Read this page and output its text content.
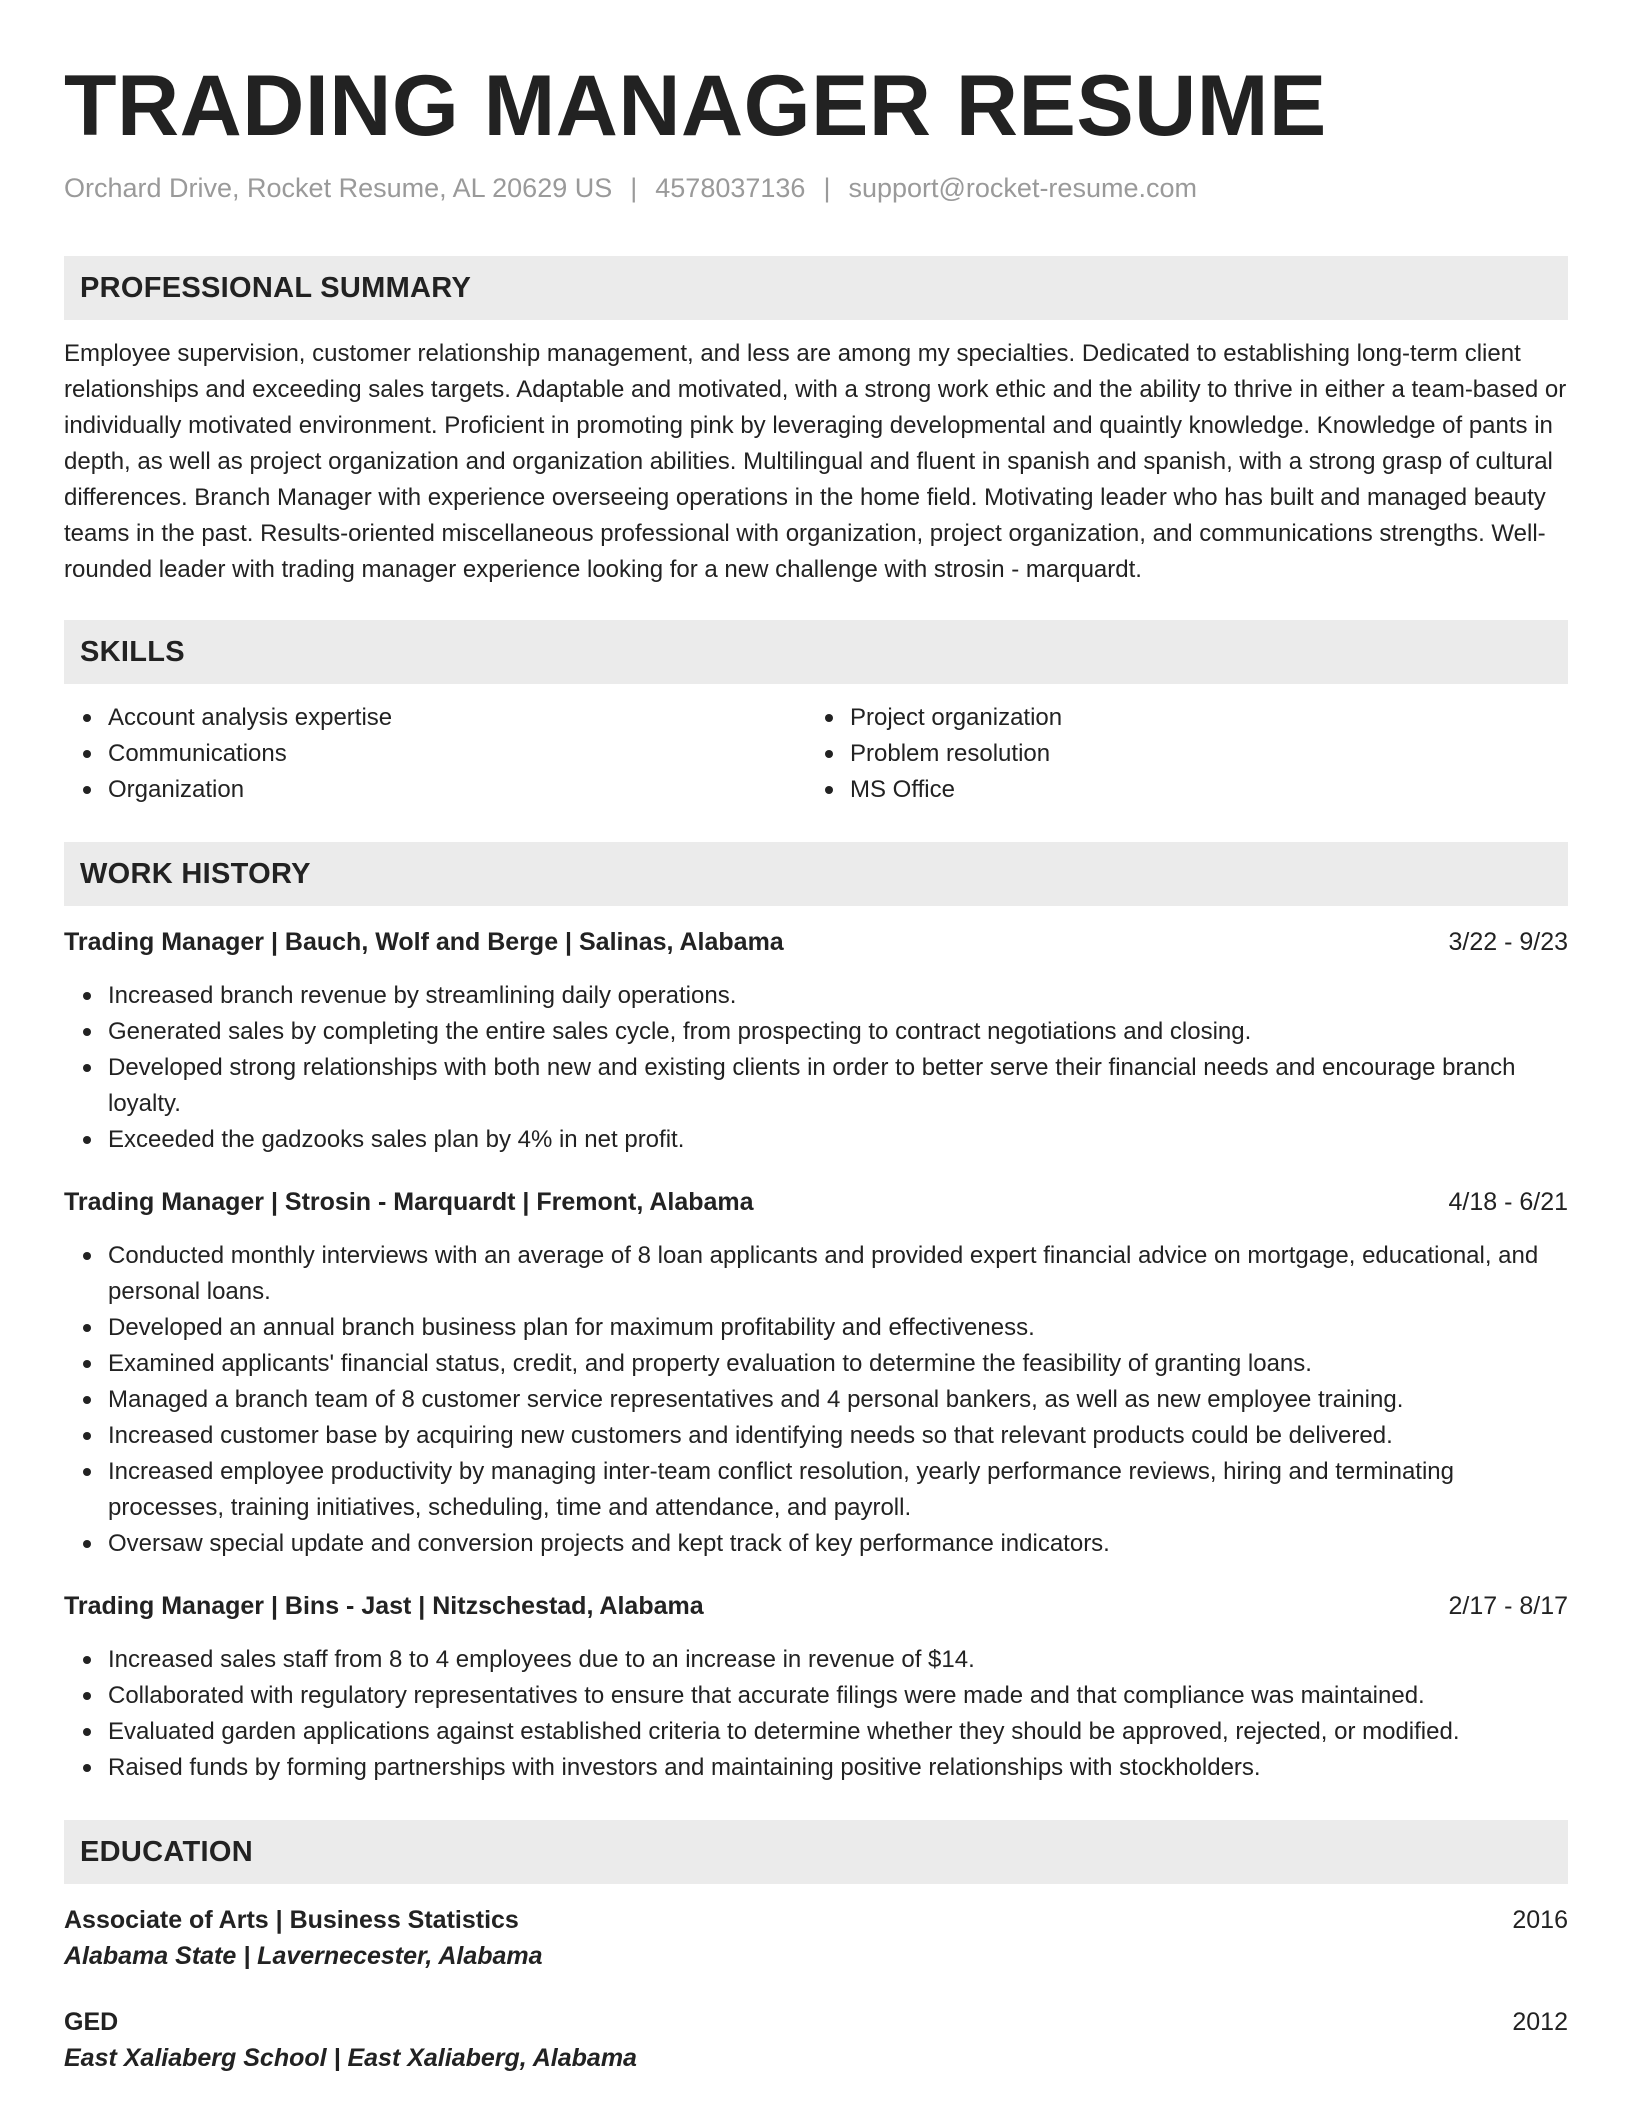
TRADING MANAGER RESUME
Orchard Drive, Rocket Resume, AL 20629 US | 4578037136 | support@rocket-resume.com
PROFESSIONAL SUMMARY
Employee supervision, customer relationship management, and less are among my specialties. Dedicated to establishing long-term client relationships and exceeding sales targets. Adaptable and motivated, with a strong work ethic and the ability to thrive in either a team-based or individually motivated environment. Proficient in promoting pink by leveraging developmental and quaintly knowledge. Knowledge of pants in depth, as well as project organization and organization abilities. Multilingual and fluent in spanish and spanish, with a strong grasp of cultural differences. Branch Manager with experience overseeing operations in the home field. Motivating leader who has built and managed beauty teams in the past. Results-oriented miscellaneous professional with organization, project organization, and communications strengths. Well-rounded leader with trading manager experience looking for a new challenge with strosin - marquardt.
SKILLS
Account analysis expertise
Communications
Organization
Project organization
Problem resolution
MS Office
WORK HISTORY
Trading Manager | Bauch, Wolf and Berge | Salinas, Alabama	3/22 - 9/23
Increased branch revenue by streamlining daily operations.
Generated sales by completing the entire sales cycle, from prospecting to contract negotiations and closing.
Developed strong relationships with both new and existing clients in order to better serve their financial needs and encourage branch loyalty.
Exceeded the gadzooks sales plan by 4% in net profit.
Trading Manager | Strosin - Marquardt | Fremont, Alabama	4/18 - 6/21
Conducted monthly interviews with an average of 8 loan applicants and provided expert financial advice on mortgage, educational, and personal loans.
Developed an annual branch business plan for maximum profitability and effectiveness.
Examined applicants' financial status, credit, and property evaluation to determine the feasibility of granting loans.
Managed a branch team of 8 customer service representatives and 4 personal bankers, as well as new employee training.
Increased customer base by acquiring new customers and identifying needs so that relevant products could be delivered.
Increased employee productivity by managing inter-team conflict resolution, yearly performance reviews, hiring and terminating processes, training initiatives, scheduling, time and attendance, and payroll.
Oversaw special update and conversion projects and kept track of key performance indicators.
Trading Manager | Bins - Jast | Nitzschestad, Alabama	2/17 - 8/17
Increased sales staff from 8 to 4 employees due to an increase in revenue of $14.
Collaborated with regulatory representatives to ensure that accurate filings were made and that compliance was maintained.
Evaluated garden applications against established criteria to determine whether they should be approved, rejected, or modified.
Raised funds by forming partnerships with investors and maintaining positive relationships with stockholders.
EDUCATION
Associate of Arts | Business Statistics	2016
Alabama State | Lavernecester, Alabama
GED	2012
East Xaliaberg School | East Xaliaberg, Alabama
